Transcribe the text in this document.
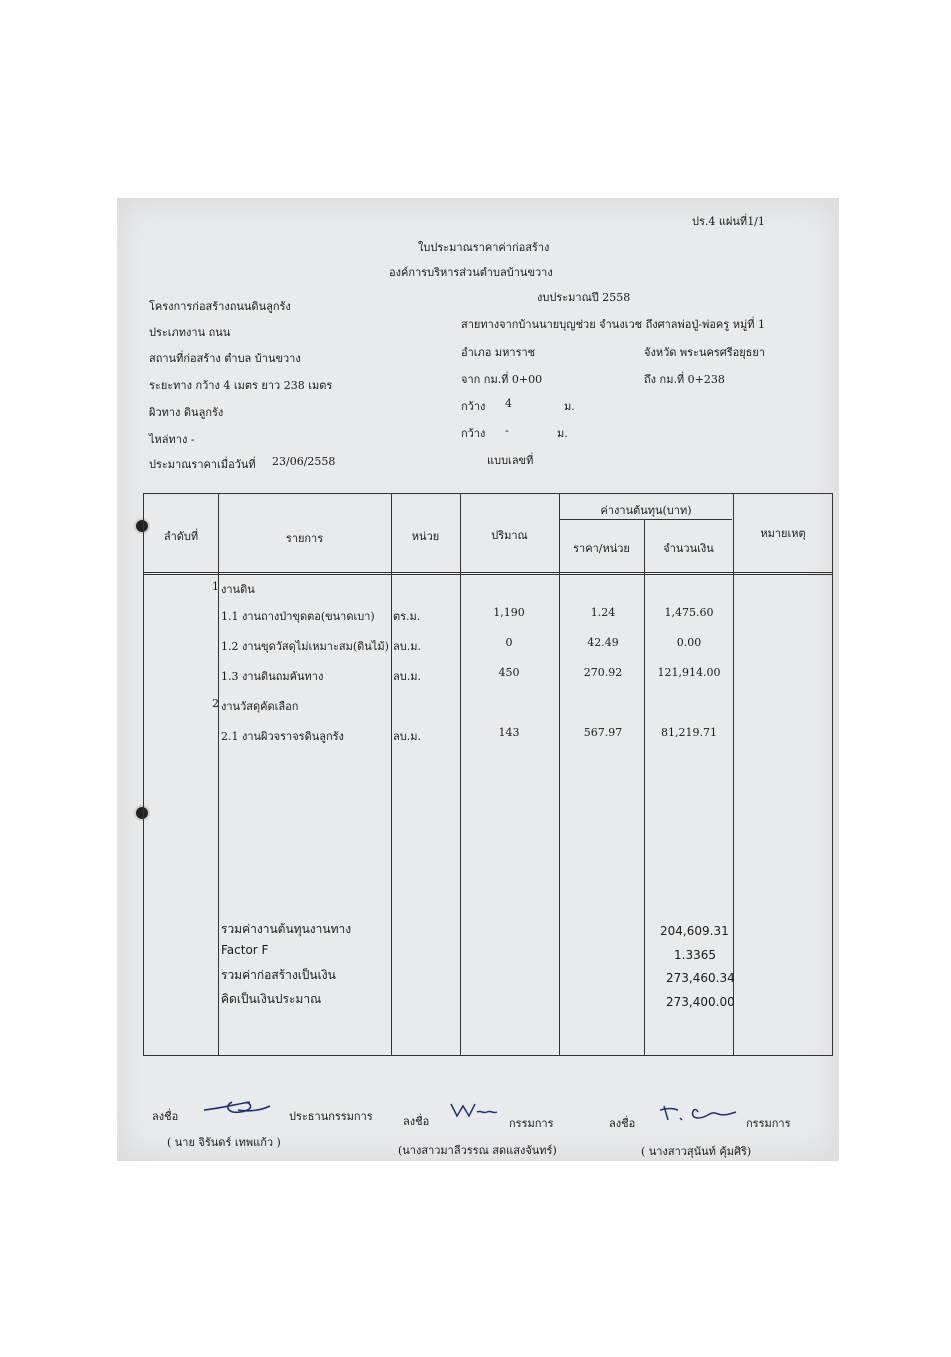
ปร.4 แผ่นที่1/1
ใบประมาณราคาค่าก่อสร้าง
องค์การบริหารส่วนตำบลบ้านขวาง
งบประมาณปี 2558
โครงการก่อสร้างถนนดินลูกรัง
ประเภทงาน ถนน
สถานที่ก่อสร้าง ตำบล บ้านขวาง
ระยะทาง กว้าง 4 เมตร ยาว 238 เมตร
ผิวทาง ดินลูกรัง
ไหล่ทาง -
ประมาณราคาเมื่อวันที่ 23/06/2558
สายทางจากบ้านนายบุญช่วย จำนงเวช ถึงศาลพ่อปู่-พ่อครู หมู่ที่ 1
อำเภอ มหาราช	จังหวัด พระนครศรีอยุธยา
จาก กม.ที่ 0+00	ถึง กม.ที่ 0+238
กว้าง 4	ม.
กว้าง -	ม.
แบบเลขที่
ลำดับที่	รายการ	หน่วย	ปริมาณ
ค่างานต้นทุน(บาท)
ราคา/หน่วย	จำนวนเงิน
หมายเหตุ
1 งานดิน
1.1 งานถางป่าขุดตอ(ขนาดเบา) ตร.ม.	1,190	1.24	1,475.60
1.2 งานขุดวัสดุไม่เหมาะสม(ดินไม้) ลบ.ม.	0	42.49	0.00
1.3 งานดินถมคันทาง	ลบ.ม.	450	270.92	121,914.00
2 งานวัสดุคัดเลือก
2.1 งานผิวจราจรดินลูกรัง	ลบ.ม.	143	567.97	81,219.71
รวมค่างานต้นทุนงานทาง	204,609.31
Factor F	1.3365
รวมค่าก่อสร้างเป็นเงิน	273,460.34
คิดเป็นเงินประมาณ	273,400.00
ลงชื่อ	ประธานกรรมการ
( นาย จิรันดร์ เทพแก้ว )
ลงชื่อ	กรรมการ
(นางสาวมาลีวรรณ สดแสงจันทร์)
ลงชื่อ	กรรมการ
( นางสาวสุนันท์ คุ้มศิริ)
